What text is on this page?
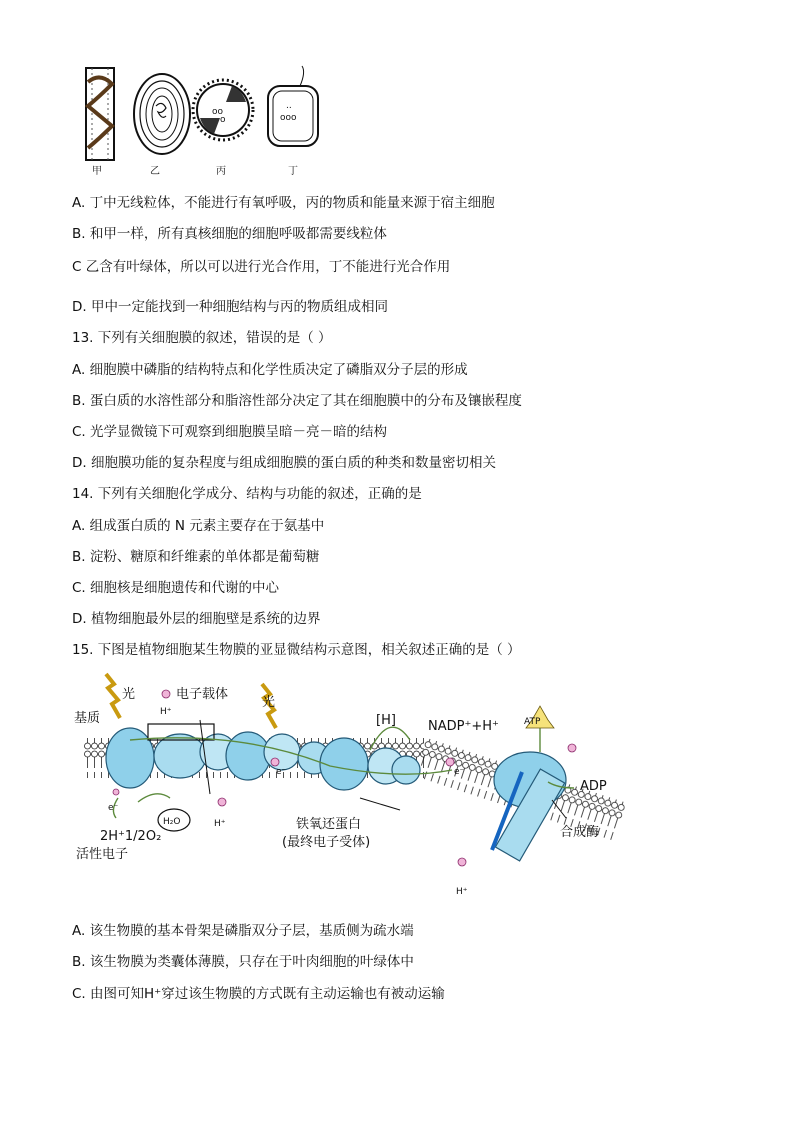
oo
o	ooo
..
甲	乙	丙	丁
A. 丁中无线粒体，不能进行有氧呼吸，丙的物质和能量来源于宿主细胞
B. 和甲一样，所有真核细胞的细胞呼吸都需要线粒体
C 乙含有叶绿体，所以可以进行光合作用，丁不能进行光合作用
D. 甲中一定能找到一种细胞结构与丙的物质组成相同
13. 下列有关细胞膜的叙述，错误的是（ ）
A. 细胞膜中磷脂的结构特点和化学性质决定了磷脂双分子层的形成
B. 蛋白质的水溶性部分和脂溶性部分决定了其在细胞膜中的分布及镶嵌程度
C. 光学显微镜下可观察到细胞膜呈暗－亮－暗的结构
D. 细胞膜功能的复杂程度与组成细胞膜的蛋白质的种类和数量密切相关
14. 下列有关细胞化学成分、结构与功能的叙述，正确的是
A. 组成蛋白质的 N 元素主要存在于氨基中
B. 淀粉、糖原和纤维素的单体都是葡萄糖
C. 细胞核是细胞遗传和代谢的中心
D. 植物细胞最外层的细胞壁是系统的边界
15. 下图是植物细胞某生物膜的亚显微结构示意图，相关叙述正确的是（ ）
光
光
基质
电子载体
H⁺
[H] NADP⁺+H⁺	ATP
ADP
e⁻
e⁻	e⁻
H₂O	H⁺	铁氧还蛋白
(最终电子受体)
2H⁺1/2O₂
活性电子
合成酶
H⁺
A. 该生物膜的基本骨架是磷脂双分子层，基质侧为疏水端
B. 该生物膜为类囊体薄膜，只存在于叶肉细胞的叶绿体中
C. 由图可知H⁺穿过该生物膜的方式既有主动运输也有被动运输
